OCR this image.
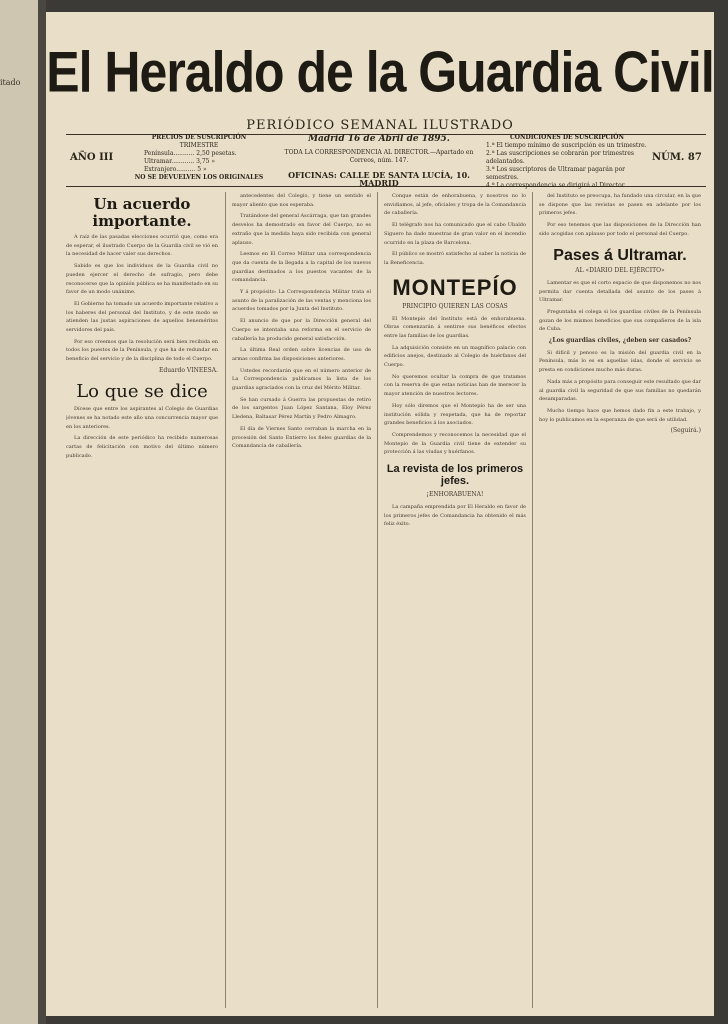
itado El Heraldo de la Guardia Civil
PERIÓDICO SEMANAL ILUSTRADO
AÑO III
PRECIOS DE SUSCRIPCIÓN
TRIMESTRE
Península........... 2,50 pesetas.
Ultramar............ 3,75 »
Extranjero.......... 5 »
NO SE DEVUELVEN LOS ORIGINALES
Madrid 16 de Abril de 1895.
TODA LA CORRESPONDENCIA AL DIRECTOR.—Apartado en Correos, núm. 147.
OFICINAS: CALLE DE SANTA LUCÍA, 10. MADRID
CONDICIONES DE SUSCRIPCIÓN
1.ª El tiempo mínimo de suscripción es un trimestre.
2.ª Las suscripciones se cobrarán por trimestres adelantados.
3.ª Los suscriptores de Ultramar pagarán por semestres.
4.ª La correspondencia se dirigirá al Director.
NÚM. 87
Un acuerdo importante.

A raíz de las pasadas elecciones ocurrió que, como era de esperar, el ilustrado Cuerpo de la Guardia civil se vió en la necesidad de hacer valer sus derechos.

Sabido es que los individuos de la Guardia civil no pueden ejercer el derecho de sufragio, pero debe reconocerse que la opinión pública se ha manifestado en su favor de un modo unánime.

El Gobierno ha tomado un acuerdo importante relativo a los haberes del personal del Instituto, y de este modo se atienden las justas aspiraciones de aquellos beneméritos servidores del país.

Por eso creemos que la resolución será bien recibida en todos los puestos de la Península, y que ha de redundar en beneficio del servicio y de la disciplina de todo el Cuerpo.

Eduardo VINEESA.
Lo que se dice

Dícese que entre los aspirantes al Colegio de Guardias jóvenes se ha notado este año una concurrencia mayor que en los anteriores.

La dirección de este periódico ha recibido numerosas cartas de felicitación con motivo del último número publicado.

antecedentes del Colegio, y tiene un sentido el mayor aliento que nos esperaba.

Tratándose del general Ascárraga, que tan grandes desvelos ha demostrado en favor del Cuerpo, no es extraño que la medida haya sido recibida con general aplauso.

Leemos en El Correo Militar una correspondencia que da cuenta de la llegada a la capital de los nuevos guardias destinados a los puestos vacantes de la comandancia.

Y á propósito: La Correspondencia Militar trata el asunto de la paralización de las ventas y menciona los acuerdos tomados por la Junta del Instituto.

El anuncio de que por la Dirección general del Cuerpo se intentaba una reforma en el servicio de caballería ha producido general satisfacción.

La última Real orden sobre licencias de uso de armas confirma las disposiciones anteriores.

Ustedes recordarán que en el número anterior de La Correspondencia publicamos la lista de los guardias agraciados con la cruz del Mérito Militar.

Se han cursado á Guerra las propuestas de retiro de los sargentos Juan López Santana, Eloy Pérez Lledena, Baltasar Pérez Martín y Pedro Almagro.

El día de Viernes Santo cerraban la marcha en la procesión del Santo Entierro los fieles guardias de la Comandancia de caballería.

Conque están de enhorabuena, y nosotros no lo envidiamos, al jefe, oficiales y tropa de la Comandancia de caballería.

El telégrafo nos ha comunicado que el cabo Ubaldo Siguero ha dado muestras de gran valor en el incendio ocurrido en la plaza de Barcelona.

El público se mostró satisfecho al saber la noticia de la Beneficencia.

MONTEPÍO
PRINCIPIO QUIEREN LAS COSAS

El Montepío del Instituto está de enhorabuena. Obras comenzarán á sentirse sus benéficos efectos entre las familias de los guardias.

La adquisición consiste en un magnífico palacio con edificios anejos, destinado al Colegio de huérfanos del Cuerpo.

No queremos ocultar la compra de que tratamos con la reserva de que estas noticias han de merecer la mayor atención de nuestros lectores.

Hoy sólo diremos que el Montepío ha de ser una institución sólida y respetada, que ha de reportar grandes beneficios á los asociados.

Comprendemos y reconocemos la necesidad que el Montepío de la Guardia civil tiene de extender su protección á las viudas y huérfanos.

La revista de los primeros jefes.
¡ENHORABUENA!

La campaña emprendida por El Heraldo en favor de los primeros jefes de Comandancia ha obtenido el más feliz éxito.

del Instituto se preocupa, ha fundado una circular, en la que se dispone que las revistas se pasen en adelante por los primeros jefes.

Por eso tenemos que las disposiciones de la Dirección han sido acogidas con aplauso por todo el personal del Cuerpo.

Pases á Ultramar.
AL «DIARIO DEL EJÉRCITO»

Lamentar es que el corto espacio de que disponemos no nos permita dar cuenta detallada del asunto de los pases á Ultramar.

Preguntaba el colega si los guardias civiles de la Península gozan de los mismos beneficios que sus compañeros de la isla de Cuba.

¿Los guardias civiles, ¿deben ser casados?

Si difícil y penoso es la misión del guardia civil en la Península, más lo es en aquellas islas, donde el servicio se presta en condiciones mucho más duras.

Nada más a propósito para conseguir este resultado que dar al guardia civil la seguridad de que sus familias no quedarán desamparadas.

Mucho tiempo hace que hemos dado fin a este trabajo, y hoy lo publicamos en la esperanza de que será de utilidad.

(Seguirá.)
